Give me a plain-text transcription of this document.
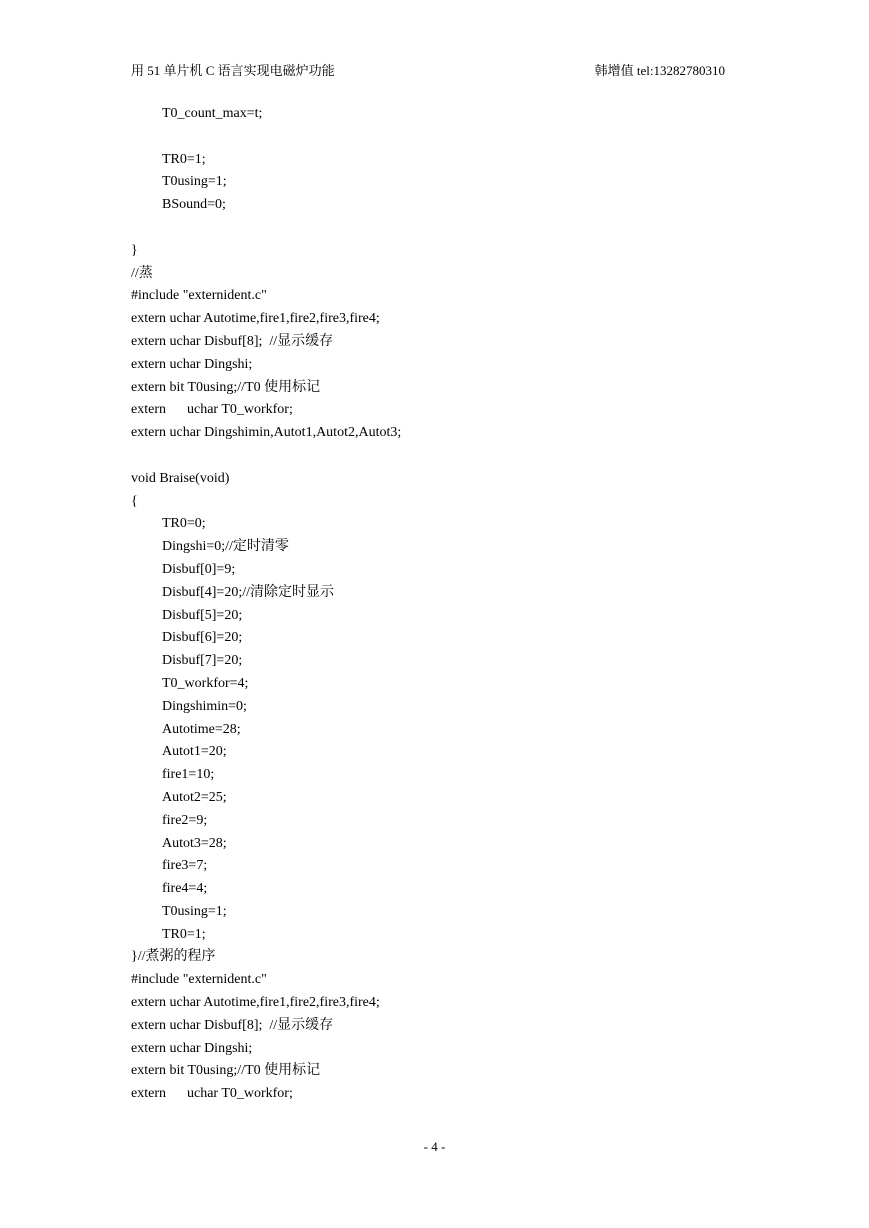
用 51 单片机 C 语言实现电磁炉功能	韩增值 tel:13282780310
T0_count_max=t;
TR0=1;
T0using=1;
BSound=0;
}
//蒸
#include "externident.c"
extern uchar Autotime,fire1,fire2,fire3,fire4;
extern uchar Disbuf[8];  //显示缓存
extern uchar Dingshi;
extern bit T0using;//T0 使用标记
extern      uchar T0_workfor;
extern uchar Dingshimin,Autot1,Autot2,Autot3;
void Braise(void)
{
TR0=0;
Dingshi=0;//定时清零
Disbuf[0]=9;
Disbuf[4]=20;//清除定时显示
Disbuf[5]=20;
Disbuf[6]=20;
Disbuf[7]=20;
T0_workfor=4;
Dingshimin=0;
Autotime=28;
Autot1=20;
fire1=10;
Autot2=25;
fire2=9;
Autot3=28;
fire3=7;
fire4=4;
T0using=1;
TR0=1;
}//煮粥的程序
#include "externident.c"
extern uchar Autotime,fire1,fire2,fire3,fire4;
extern uchar Disbuf[8];  //显示缓存
extern uchar Dingshi;
extern bit T0using;//T0 使用标记
extern      uchar T0_workfor;
- 4 -
